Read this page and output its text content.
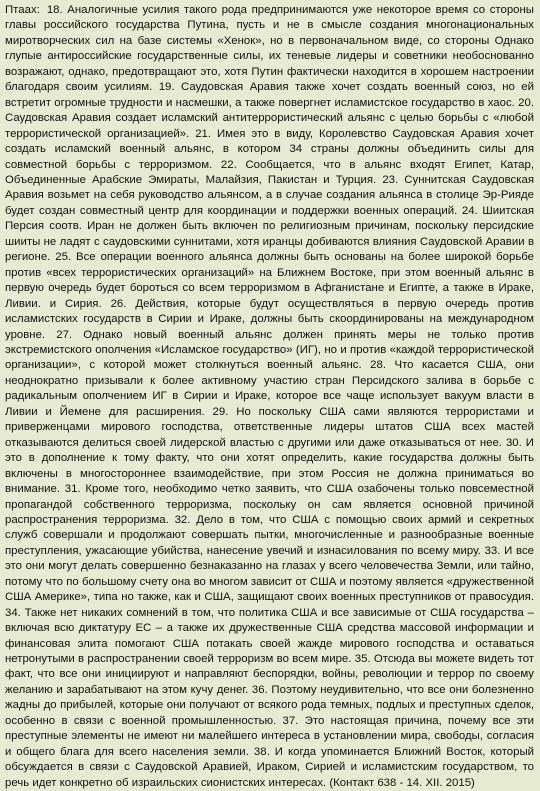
Птаах: 18. Аналогичные усилия такого рода предпринимаются уже некоторое время со стороны главы российского государства Путина, пусть и не в смысле создания многонациональных миротворческих сил на базе системы «Хенок», но в первоначальном виде, со стороны Однако глупые антироссийские государственные силы, их теневые лидеры и советники необоснованно возражают, однако, предотвращают это, хотя Путин фактически находится в хорошем настроении благодаря своим усилиям. 19. Саудовская Аравия также хочет создать военный союз, но ей встретит огромные трудности и насмешки, а также повергнет исламистское государство в хаос. 20. Саудовская Аравия создает исламский антитеррористический альянс с целью борьбы с «любой террористической организацией». 21. Имея это в виду, Королевство Саудовская Аравия хочет создать исламский военный альянс, в котором 34 страны должны объединить силы для совместной борьбы с терроризмом. 22. Сообщается, что в альянс входят Египет, Катар, Объединенные Арабские Эмираты, Малайзия, Пакистан и Турция. 23. Суннитская Саудовская Аравия возьмет на себя руководство альянсом, а в случае создания альянса в столице Эр-Рияде будет создан совместный центр для координации и поддержки военных операций. 24. Шиитская Персия соотв. Иран не должен быть включен по религиозным причинам, поскольку персидские шииты не ладят с саудовскими суннитами, хотя иранцы добиваются влияния Саудовской Аравии в регионе. 25. Все операции военного альянса должны быть основаны на более широкой борьбе против «всех террористических организаций» на Ближнем Востоке, при этом военный альянс в первую очередь будет бороться со всем терроризмом в Афганистане и Египте, а также в Ираке, Ливии. и Сирия. 26. Действия, которые будут осуществляться в первую очередь против исламистских государств в Сирии и Ираке, должны быть скоординированы на международном уровне. 27. Однако новый военный альянс должен принять меры не только против экстремистского ополчения «Исламское государство» (ИГ), но и против «каждой террористической организации», с которой может столкнуться военный альянс. 28. Что касается США, они неоднократно призывали к более активному участию стран Персидского залива в борьбе с радикальным ополчением ИГ в Сирии и Ираке, которое все чаще использует вакуум власти в Ливии и Йемене для расширения. 29. Но поскольку США сами являются террористами и приверженцами мирового господства, ответственные лидеры штатов США всех мастей отказываются делиться своей лидерской властью с другими или даже отказываться от нее. 30. И это в дополнение к тому факту, что они хотят определить, какие государства должны быть включены в многостороннее взаимодействие, при этом Россия не должна приниматься во внимание. 31. Кроме того, необходимо четко заявить, что США озабочены только повсеместной пропагандой собственного терроризма, поскольку он сам является основной причиной распространения терроризма. 32. Дело в том, что США с помощью своих армий и секретных служб совершали и продолжают совершать пытки, многочисленные и разнообразные военные преступления, ужасающие убийства, нанесение увечий и изнасилования по всему миру. 33. И все это они могут делать совершенно безнаказанно на глазах у всего человечества Земли, или тайно, потому что по большому счету она во многом зависит от США и поэтому является «дружественной США Америке», типа но также, как и США, защищают своих военных преступников от правосудия. 34. Также нет никаких сомнений в том, что политика США и все зависимые от США государства – включая всю диктатуру ЕС – а также их дружественные США средства массовой информации и финансовая элита помогают США потакать своей жажде мирового господства и оставаться нетронутыми в распространении своей терроризм во всем мире. 35. Отсюда вы можете видеть тот факт, что все они инициируют и направляют беспорядки, войны, революции и террор по своему желанию и зарабатывают на этом кучу денег. 36. Поэтому неудивительно, что все они болезненно жадны до прибылей, которые они получают от всякого рода темных, подлых и преступных сделок, особенно в связи с военной промышленностью. 37. Это настоящая причина, почему все эти преступные элементы не имеют ни малейшего интереса в установлении мира, свободы, согласия и общего блага для всего населения земли. 38. И когда упоминается Ближний Восток, который обсуждается в связи с Саудовской Аравией, Ираком, Сирией и исламистским государством, то речь идет конкретно об израильских сионистских интересах. (Контакт 638 - 14. XII. 2015)
